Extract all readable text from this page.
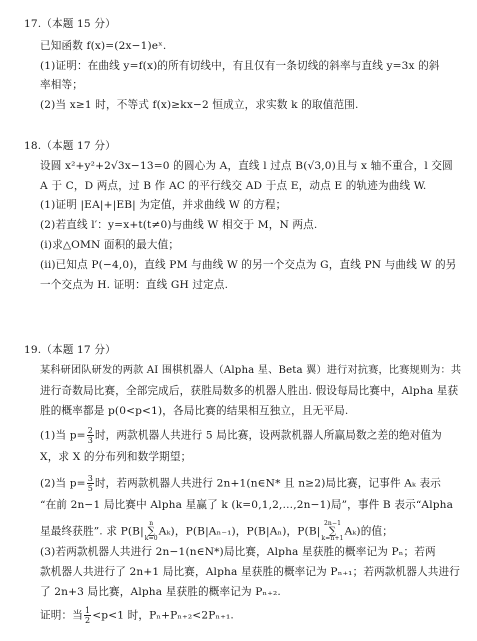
17.（本题 15 分）
已知函数 f(x)=(2x−1)eˣ.
(1)证明：在曲线 y=f(x)的所有切线中，有且仅有一条切线的斜率与直线 y=3x 的斜
率相等；
(2)当 x≥1 时，不等式 f(x)≥kx−2 恒成立，求实数 k 的取值范围.
18.（本题 17 分）
设圆 x²+y²+2√3x−13=0 的圆心为 A，直线 l 过点 B(√3,0)且与 x 轴不重合，l 交圆
A 于 C，D 两点，过 B 作 AC 的平行线交 AD 于点 E，动点 E 的轨迹为曲线 W.
(1)证明 |EA|+|EB| 为定值，并求曲线 W 的方程；
(2)若直线 l′：y=x+t(t≠0)与曲线 W 相交于 M，N 两点.
(i)求△OMN 面积的最大值；
(ii)已知点 P(−4,0)，直线 PM 与曲线 W 的另一个交点为 G，直线 PN 与曲线 W 的另
一个交点为 H. 证明：直线 GH 过定点.
19.（本题 17 分）
某科研团队研发的两款 AI 围棋机器人（Alpha 星、Beta 翼）进行对抗赛，比赛规则为：共
进行奇数局比赛，全部完成后，获胜局数多的机器人胜出. 假设每局比赛中，Alpha 星获
胜的概率都是 p(0<p<1)，各局比赛的结果相互独立，且无平局.
(1)当 $p= \frac{2}{3}$ 时，两款机器人共进行 5 局比赛，设两款机器人所赢局数之差的绝对值为
X，求 X 的分布列和数学期望；
(2)当 $p= \frac{3}{5}$ 时，若两款机器人共进行 2n+1(n∈N* 且 n≥2)局比赛，记事件 Aₖ 表示
“在前 2n−1 局比赛中 Alpha 星赢了 k (k=0,1,2,…,2n−1)局”，事件 B 表示“Alpha
星最终获胜”. 求 P(B|n
∑
k=0Aₖ)，P(B|Aₙ₋₁)，P(B|Aₙ)，P(B|2n−1
∑
k=n+1Aₖ)的值；
(3)若两款机器人共进行 2n−1(n∈N*)局比赛，Alpha 星获胜的概率记为 Pₙ；若两
款机器人共进行了 2n+1 局比赛，Alpha 星获胜的概率记为 Pₙ₊₁；若两款机器人共进行
了 2n+3 局比赛，Alpha 星获胜的概率记为 Pₙ₊₂.
证明：当 $\frac{1}{2} <p<1$ 时，Pₙ+Pₙ₊₂<2Pₙ₊₁.
